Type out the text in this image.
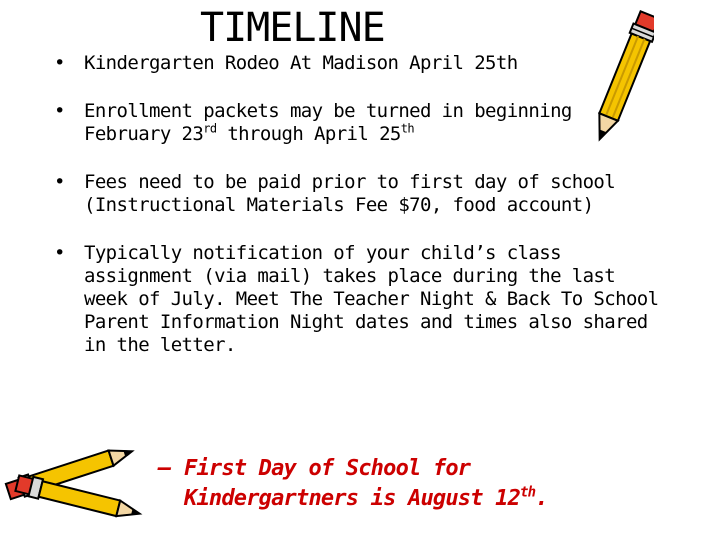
TIMELINE
• Kindergarten Rodeo At Madison April 25th
• Enrollment packets may be turned in beginning February 23rd through April 25th
• Fees need to be paid prior to first day of school (Instructional Materials Fee $70, food account)
• Typically notification of your child’s class assignment (via mail) takes place during the last week of July. Meet The Teacher Night & Back To School Parent Information Night dates and times also shared in the letter.
– First Day of School for Kindergartners is August 12th.
